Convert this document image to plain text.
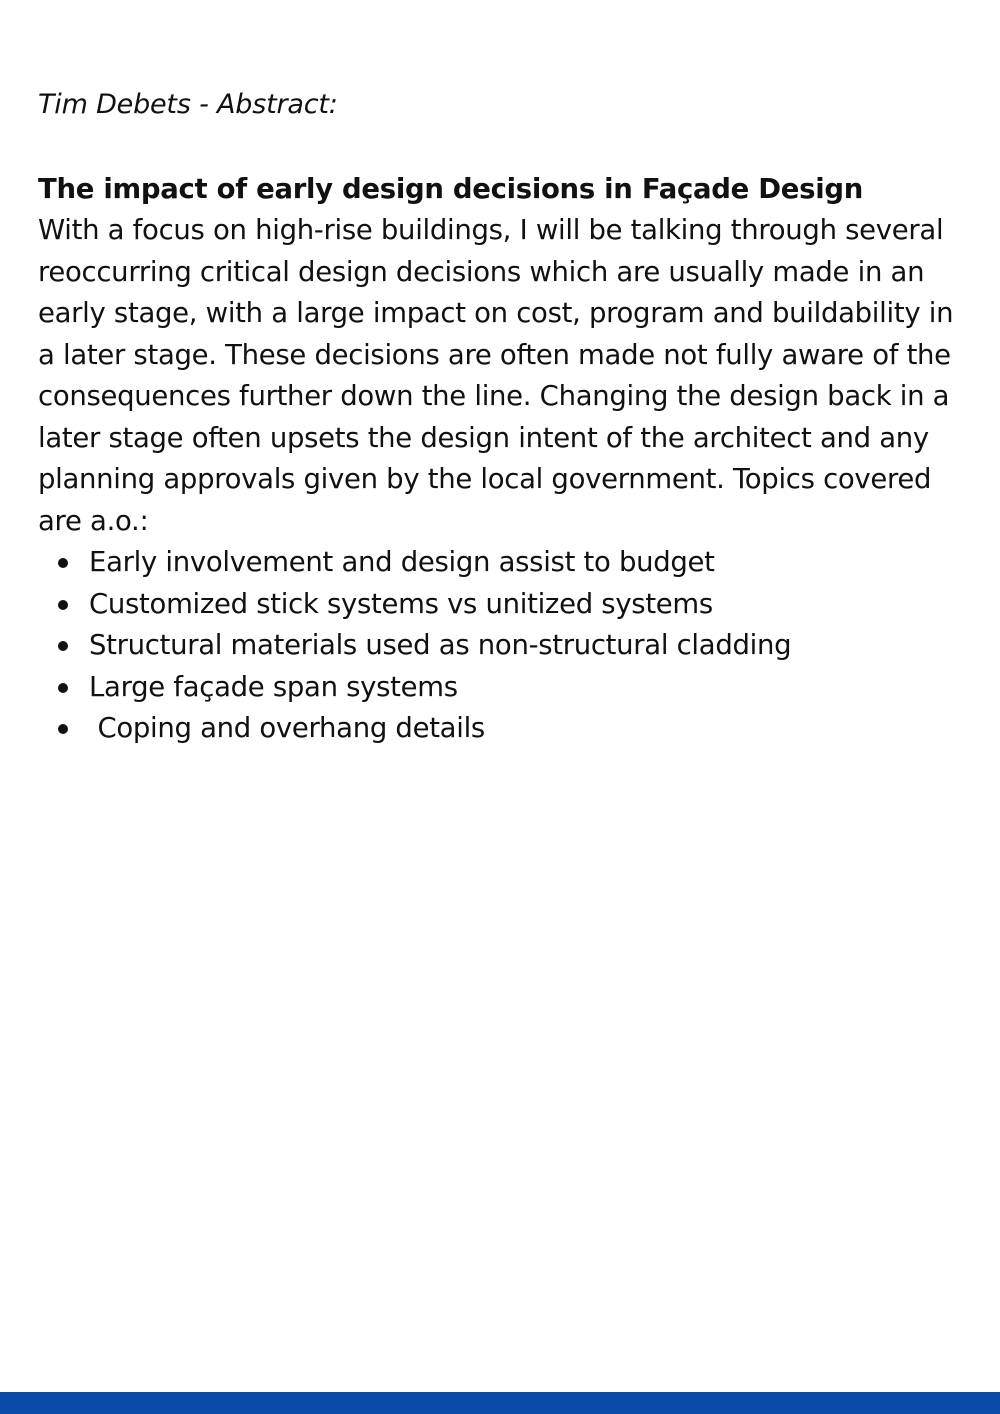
Tim Debets - Abstract:

The impact of early design decisions in Façade Design

With a focus on high-rise buildings, I will be talking through several reoccurring critical design decisions which are usually made in an early stage, with a large impact on cost, program and buildability in a later stage. These decisions are often made not fully aware of the consequences further down the line. Changing the design back in a later stage often upsets the design intent of the architect and any planning approvals given by the local government. Topics covered are a.o.:

Early involvement and design assist to budget
Customized stick systems vs unitized systems
Structural materials used as non-structural cladding
Large façade span systems
Coping and overhang details
